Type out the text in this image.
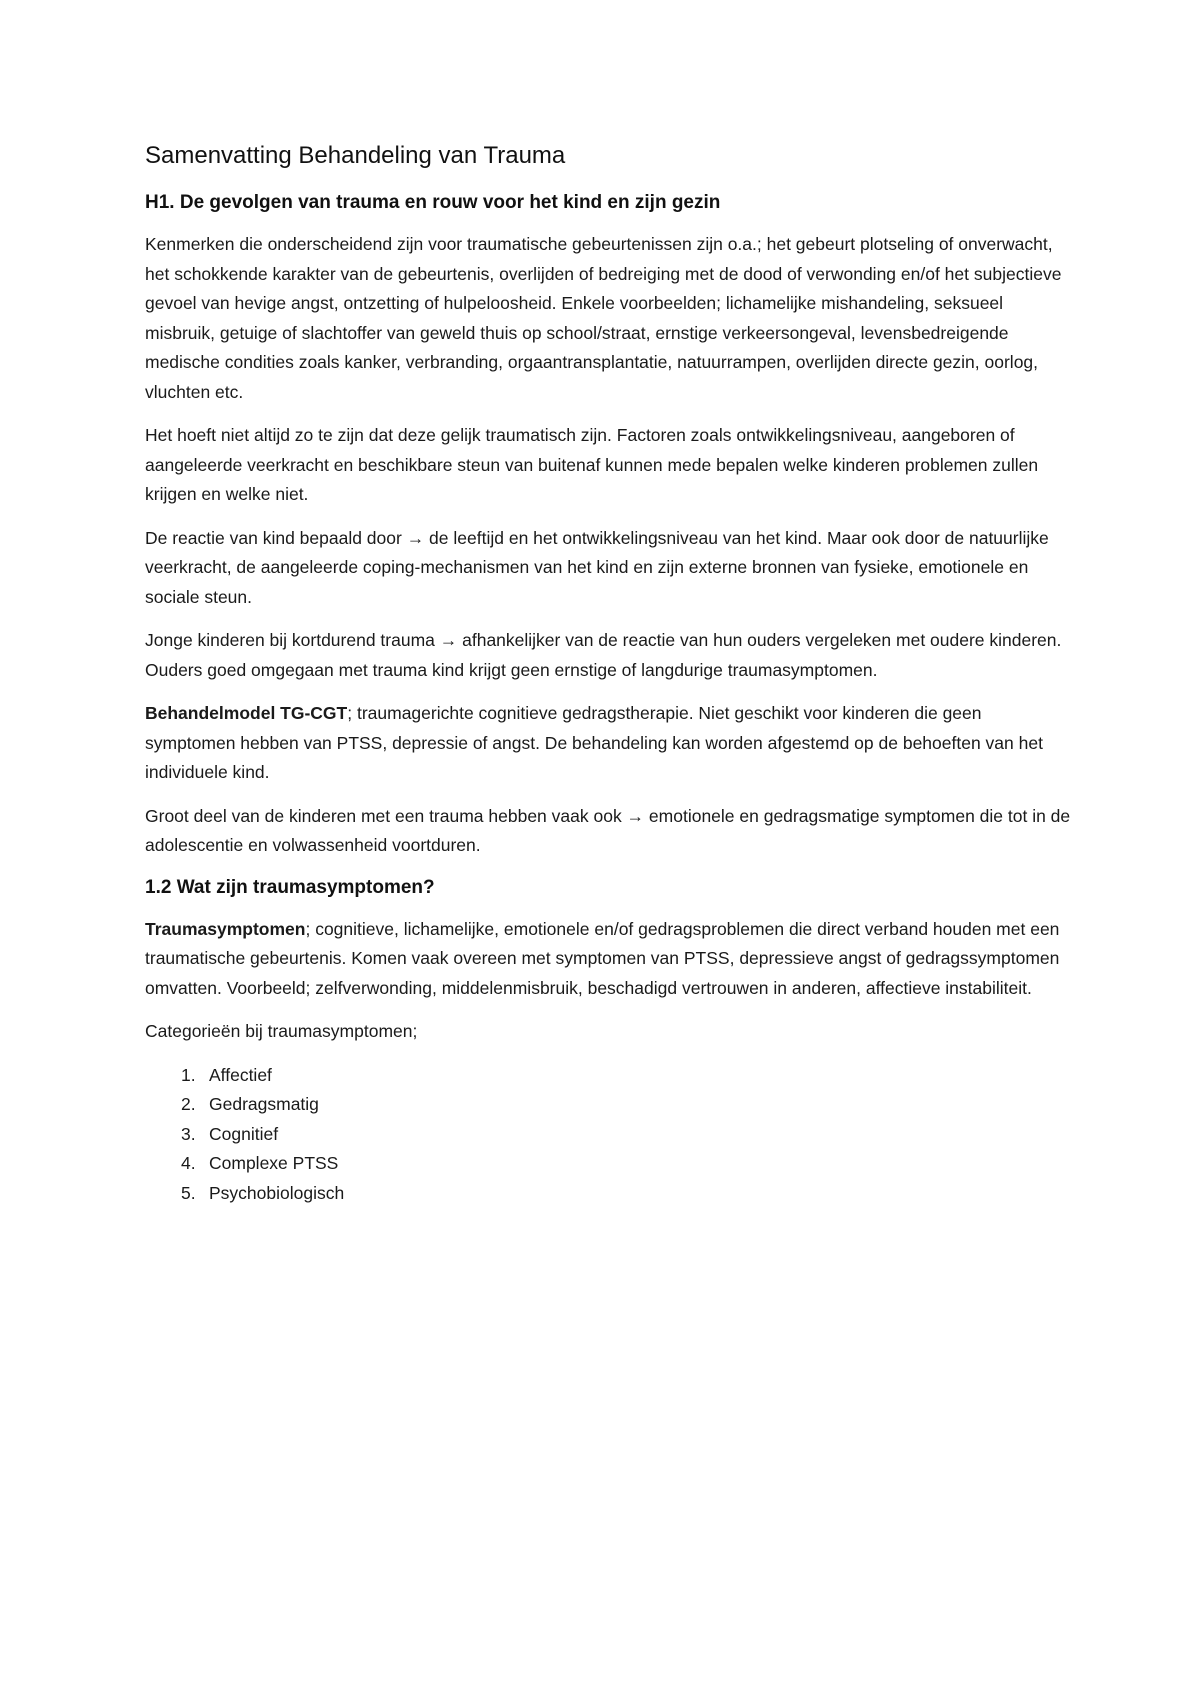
Samenvatting Behandeling van Trauma
H1. De gevolgen van trauma en rouw voor het kind en zijn gezin

Kenmerken die onderscheidend zijn voor traumatische gebeurtenissen zijn o.a.; het gebeurt plotseling of onverwacht, het schokkende karakter van de gebeurtenis, overlijden of bedreiging met de dood of verwonding en/of het subjectieve gevoel van hevige angst, ontzetting of hulpeloosheid. Enkele voorbeelden; lichamelijke mishandeling, seksueel misbruik, getuige of slachtoffer van geweld thuis op school/straat, ernstige verkeersongeval, levensbedreigende medische condities zoals kanker, verbranding, orgaantransplantatie, natuurrampen, overlijden directe gezin, oorlog, vluchten etc.

Het hoeft niet altijd zo te zijn dat deze gelijk traumatisch zijn. Factoren zoals ontwikkelingsniveau, aangeboren of aangeleerde veerkracht en beschikbare steun van buitenaf kunnen mede bepalen welke kinderen problemen zullen krijgen en welke niet.

De reactie van kind bepaald door → de leeftijd en het ontwikkelingsniveau van het kind. Maar ook door de natuurlijke veerkracht, de aangeleerde coping-mechanismen van het kind en zijn externe bronnen van fysieke, emotionele en sociale steun.

Jonge kinderen bij kortdurend trauma → afhankelijker van de reactie van hun ouders vergeleken met oudere kinderen. Ouders goed omgegaan met trauma kind krijgt geen ernstige of langdurige traumasymptomen.

Behandelmodel TG-CGT; traumagerichte cognitieve gedragstherapie. Niet geschikt voor kinderen die geen symptomen hebben van PTSS, depressie of angst. De behandeling kan worden afgestemd op de behoeften van het individuele kind.

Groot deel van de kinderen met een trauma hebben vaak ook → emotionele en gedragsmatige symptomen die tot in de adolescentie en volwassenheid voortduren.

1.2 Wat zijn traumasymptomen?

Traumasymptomen; cognitieve, lichamelijke, emotionele en/of gedragsproblemen die direct verband houden met een traumatische gebeurtenis. Komen vaak overeen met symptomen van PTSS, depressieve angst of gedragssymptomen omvatten. Voorbeeld; zelfverwonding, middelenmisbruik, beschadigd vertrouwen in anderen, affectieve instabiliteit.

Categorieën bij traumasymptomen;

1. Affectief
2. Gedragsmatig
3. Cognitief
4. Complexe PTSS
5. Psychobiologisch
